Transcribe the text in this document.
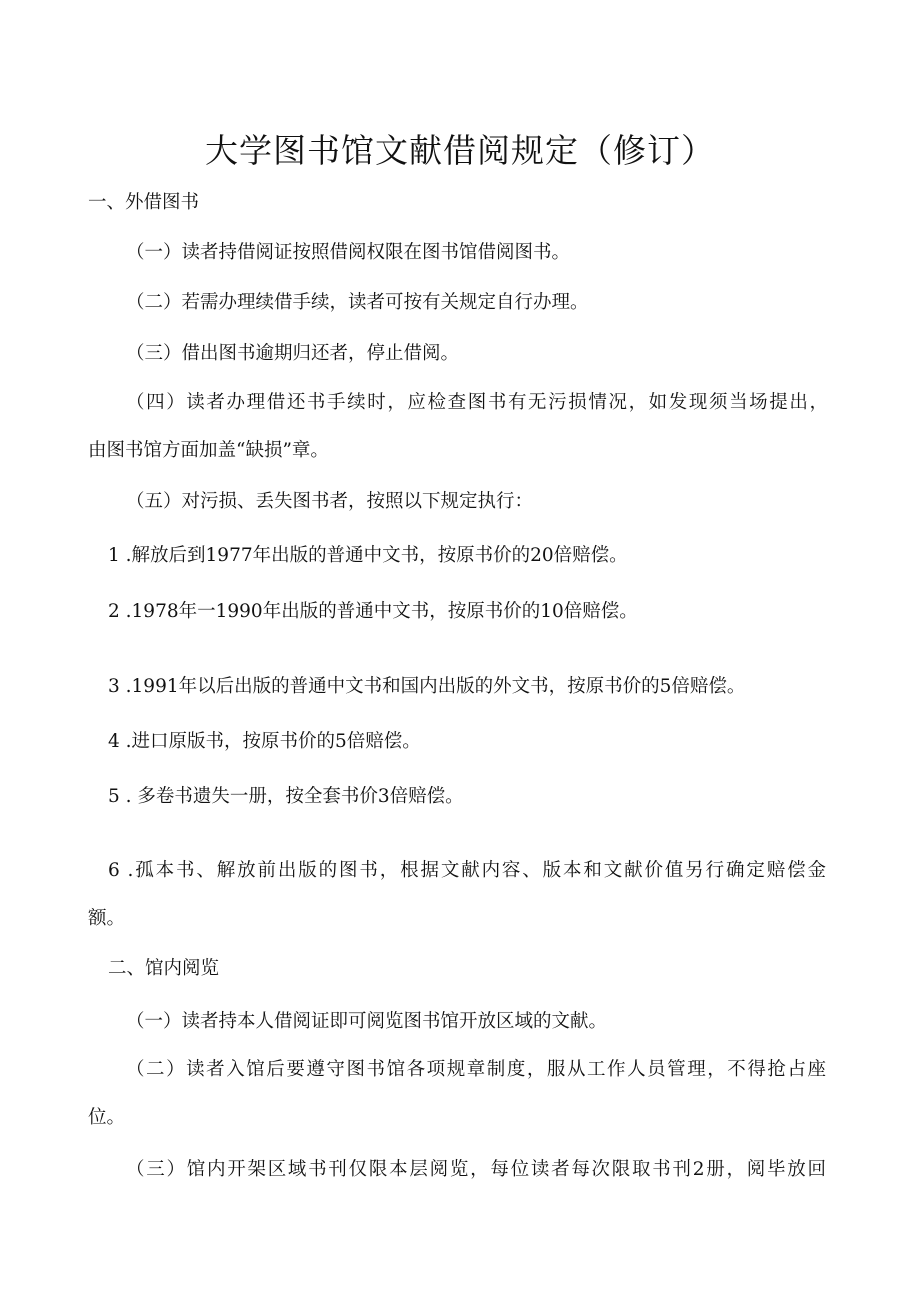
大学图书馆文献借阅规定（修订）
一、外借图书
（一）读者持借阅证按照借阅权限在图书馆借阅图书。
（二）若需办理续借手续，读者可按有关规定自行办理。
（三）借出图书逾期归还者，停止借阅。
（四）读者办理借还书手续时，应检查图书有无污损情况，如发现须当场提出，
由图书馆方面加盖“缺损”章。
（五）对污损、丢失图书者，按照以下规定执行：
1 .解放后到1977年出版的普通中文书，按原书价的20倍赔偿。
2 .1978年一1990年出版的普通中文书，按原书价的10倍赔偿。
3 .1991年以后出版的普通中文书和国内出版的外文书，按原书价的5倍赔偿。
4 .进口原版书，按原书价的5倍赔偿。
5 . 多卷书遗失一册，按全套书价3倍赔偿。
6 .孤本书、解放前出版的图书，根据文献内容、版本和文献价值另行确定赔偿金
额。
二、馆内阅览
（一）读者持本人借阅证即可阅览图书馆开放区域的文献。
（二）读者入馆后要遵守图书馆各项规章制度，服从工作人员管理，不得抢占座
位。
（三）馆内开架区域书刊仅限本层阅览，每位读者每次限取书刊2册，阅毕放回
